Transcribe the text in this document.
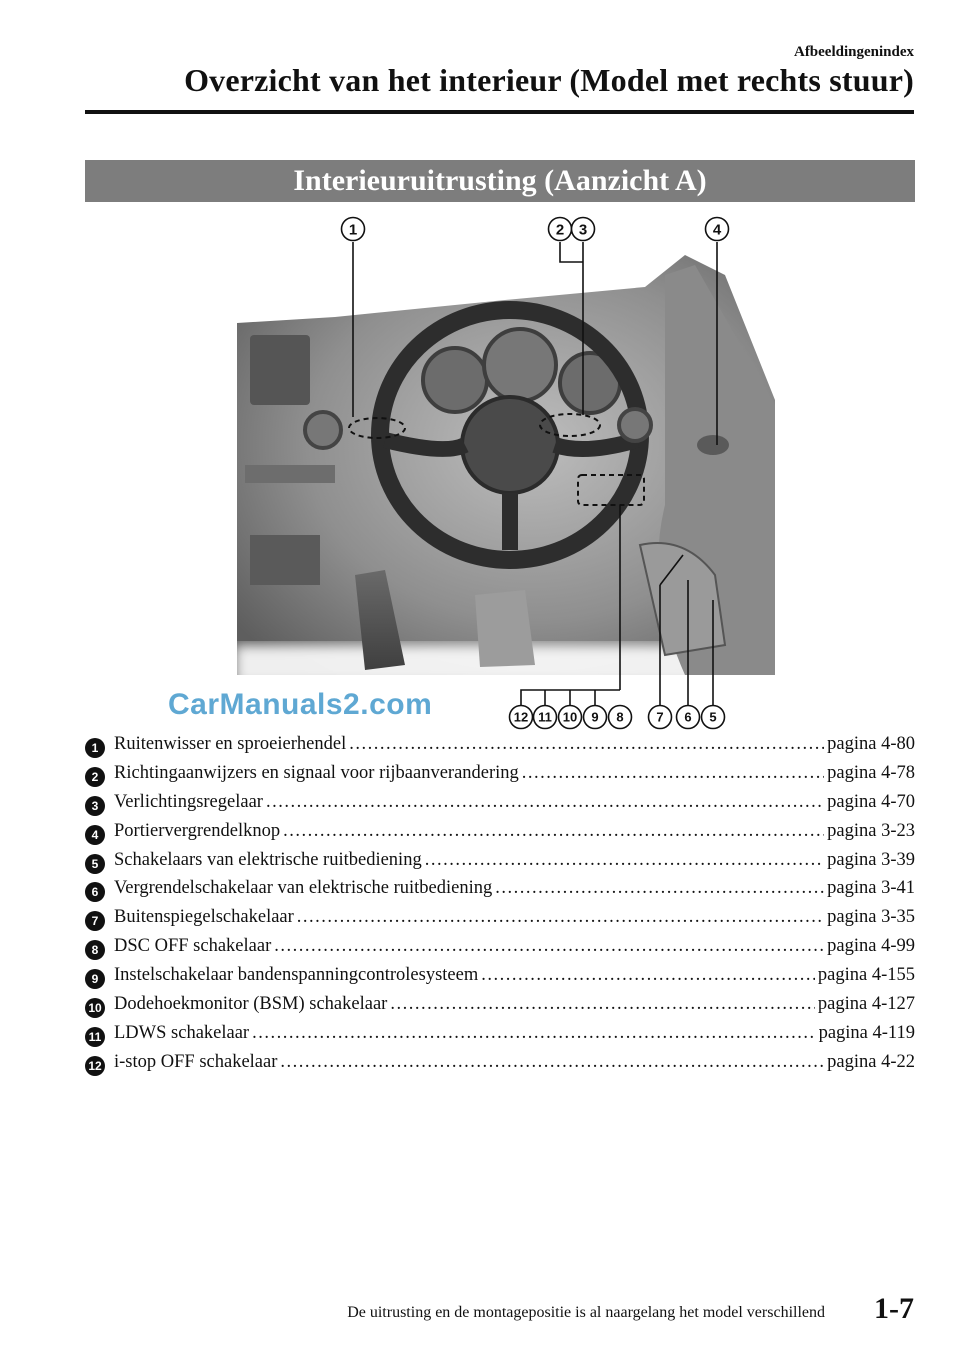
Afbeeldingenindex
Overzicht van het interieur (Model met rechts stuur)
Interieuruitrusting (Aanzicht A)
1	2 3	4
12 11 10 9 8	7 6 5
CarManuals2.com
1 Ruitenwisser en sproeierhendel .....	pagina 4-80
2 Richtingaanwijzers en signaal voor rijbaanverandering .....	pagina 4-78
3 Verlichtingsregelaar .....	pagina 4-70
4 Portiervergrendelknop .....	pagina 3-23
5 Schakelaars van elektrische ruitbediening .....	pagina 3-39
6 Vergrendelschakelaar van elektrische ruitbediening .....	pagina 3-41
7 Buitenspiegelschakelaar .....	pagina 3-35
8 DSC OFF schakelaar .....	pagina 4-99
9 Instelschakelaar bandenspanningcontrolesysteem .....	pagina 4-155
10 Dodehoekmonitor (BSM) schakelaar .....	pagina 4-127
11 LDWS schakelaar .....	pagina 4-119
12 i-stop OFF schakelaar .....	pagina 4-22
De uitrusting en de montagepositie is al naargelang het model verschillend 1-7
